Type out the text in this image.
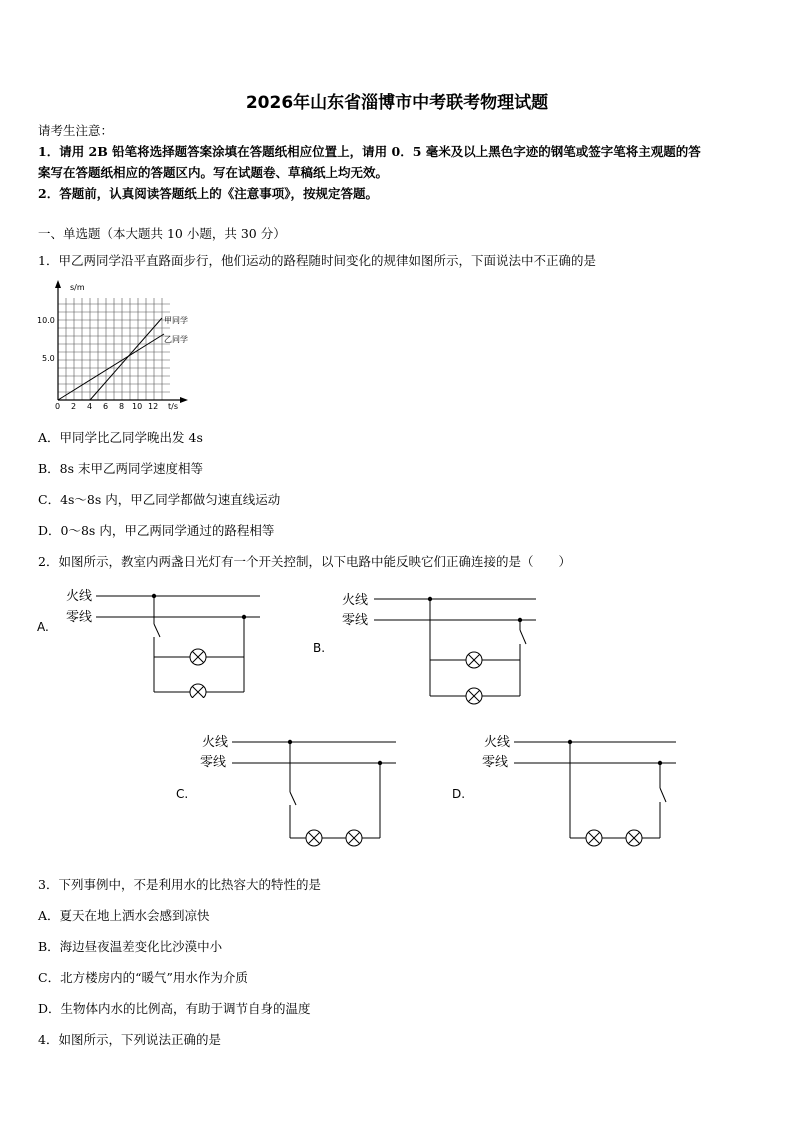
2026年山东省淄博市中考联考物理试题
请考生注意：
1．请用 2B 铅笔将选择题答案涂填在答题纸相应位置上，请用 0．5 毫米及以上黑色字迹的钢笔或签字笔将主观题的答
案写在答题纸相应的答题区内。写在试题卷、草稿纸上均无效。
2．答题前，认真阅读答题纸上的《注意事项》，按规定答题。
一、单选题（本大题共 10 小题，共 30 分）
1．甲乙两同学沿平直路面步行，他们运动的路程随时间变化的规律如图所示，下面说法中不正确的是
s/m
t/s
10.0
5.0
0 2 4 6 8 10 12
甲同学
乙同学
A．甲同学比乙同学晚出发 4s
B．8s 末甲乙两同学速度相等
C．4s～8s 内，甲乙同学都做匀速直线运动
D．0～8s 内，甲乙两同学通过的路程相等
2．如图所示，教室内两盏日光灯有一个开关控制，以下电路中能反映它们正确连接的是（　　）
A.
火线
零线
B.
火线
零线
C.
火线
零线
D.
火线
零线
3．下列事例中，不是利用水的比热容大的特性的是
A．夏天在地上洒水会感到凉快
B．海边昼夜温差变化比沙漠中小
C．北方楼房内的“暖气”用水作为介质
D．生物体内水的比例高，有助于调节自身的温度
4．如图所示，下列说法正确的是
